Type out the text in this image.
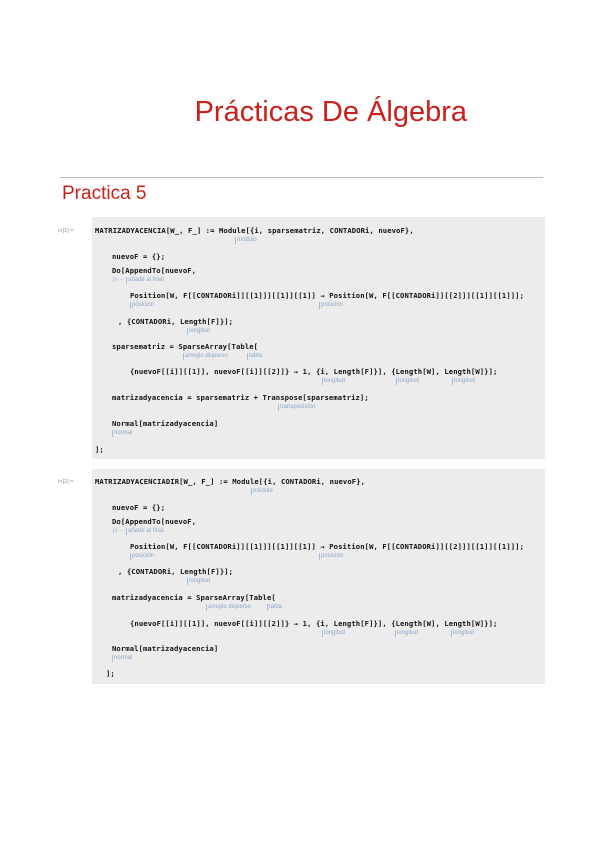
Prácticas De Álgebra
Practica 5
In[1]:=	MATRIZADYACENCIA[W_, F_] := Module[{i, sparsematriz, CONTADORi, nuevoF},
módulo
nuevoF = {};
Do[AppendTo[nuevoF,
⌊r··· añade al final
Position[W, F[[CONTADORi]][[1]]][[1]][[1]] → Position[W, F[[CONTADORi]][[2]]][[1]][[1]]];
posición	posición
, {CONTADORi, Length[F]}];
longitud
sparsematriz = SparseArray[Table[
arreglo disperso	tabla
{nuevoF[[i]][[1]], nuevoF[[i]][[2]]} → 1, {i, Length[F]}], {Length[W], Length[W]}];
longitud	longitud	longitud
matrizadyacencia = sparsematriz + Transpose[sparsematriz];
transposición
Normal[matrizadyacencia]
normal
];
In[2]:=	MATRIZADYACENCIADIR[W_, F_] := Module[{i, CONTADORi, nuevoF},
módulo
nuevoF = {};
Do[AppendTo[nuevoF,
⌊r··· añade al final
Position[W, F[[CONTADORi]][[1]]][[1]][[1]] → Position[W, F[[CONTADORi]][[2]]][[1]][[1]]];
posición	posición
, {CONTADORi, Length[F]}];
longitud
matrizadyacencia = SparseArray[Table[
arreglo disperso	tabla
{nuevoF[[i]][[1]], nuevoF[[i]][[2]]} → 1, {i, Length[F]}], {Length[W], Length[W]}];
longitud	longitud	longitud
Normal[matrizadyacencia]
normal
];
